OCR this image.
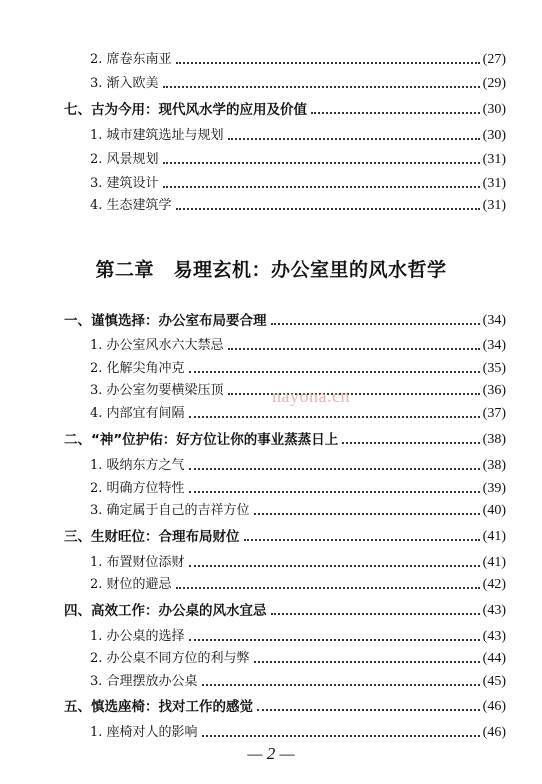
2. 席卷东南亚	(27)
3. 渐入欧美	(29)
七、古为今用：现代风水学的应用及价值	(30)
1. 城市建筑选址与规划	(30)
2. 风景规划	(31)
3. 建筑设计	(31)
4. 生态建筑学	(31)
第二章　易理玄机：办公室里的风水哲学
一、谨慎选择：办公室布局要合理	(34)
1. 办公室风水六大禁忌	(34)
2. 化解尖角冲克	(35)
3. 办公室勿要横梁压顶	(36)
4. 内部宜有间隔	(37)
二、“神”位护佑：好方位让你的事业蒸蒸日上	(38)
1. 吸纳东方之气	(38)
2. 明确方位特性	(39)
3. 确定属于自己的吉祥方位	(40)
三、生财旺位：合理布局财位	(41)
1. 布置财位添财	(41)
2. 财位的避忌	(42)
四、高效工作：办公桌的风水宜忌	(43)
1. 办公桌的选择	(43)
2. 办公桌不同方位的利与弊	(44)
3. 合理摆放办公桌	(45)
五、慎选座椅：找对工作的感觉	(46)
1. 座椅对人的影响	(46)
nayona.cn
— 2 —
